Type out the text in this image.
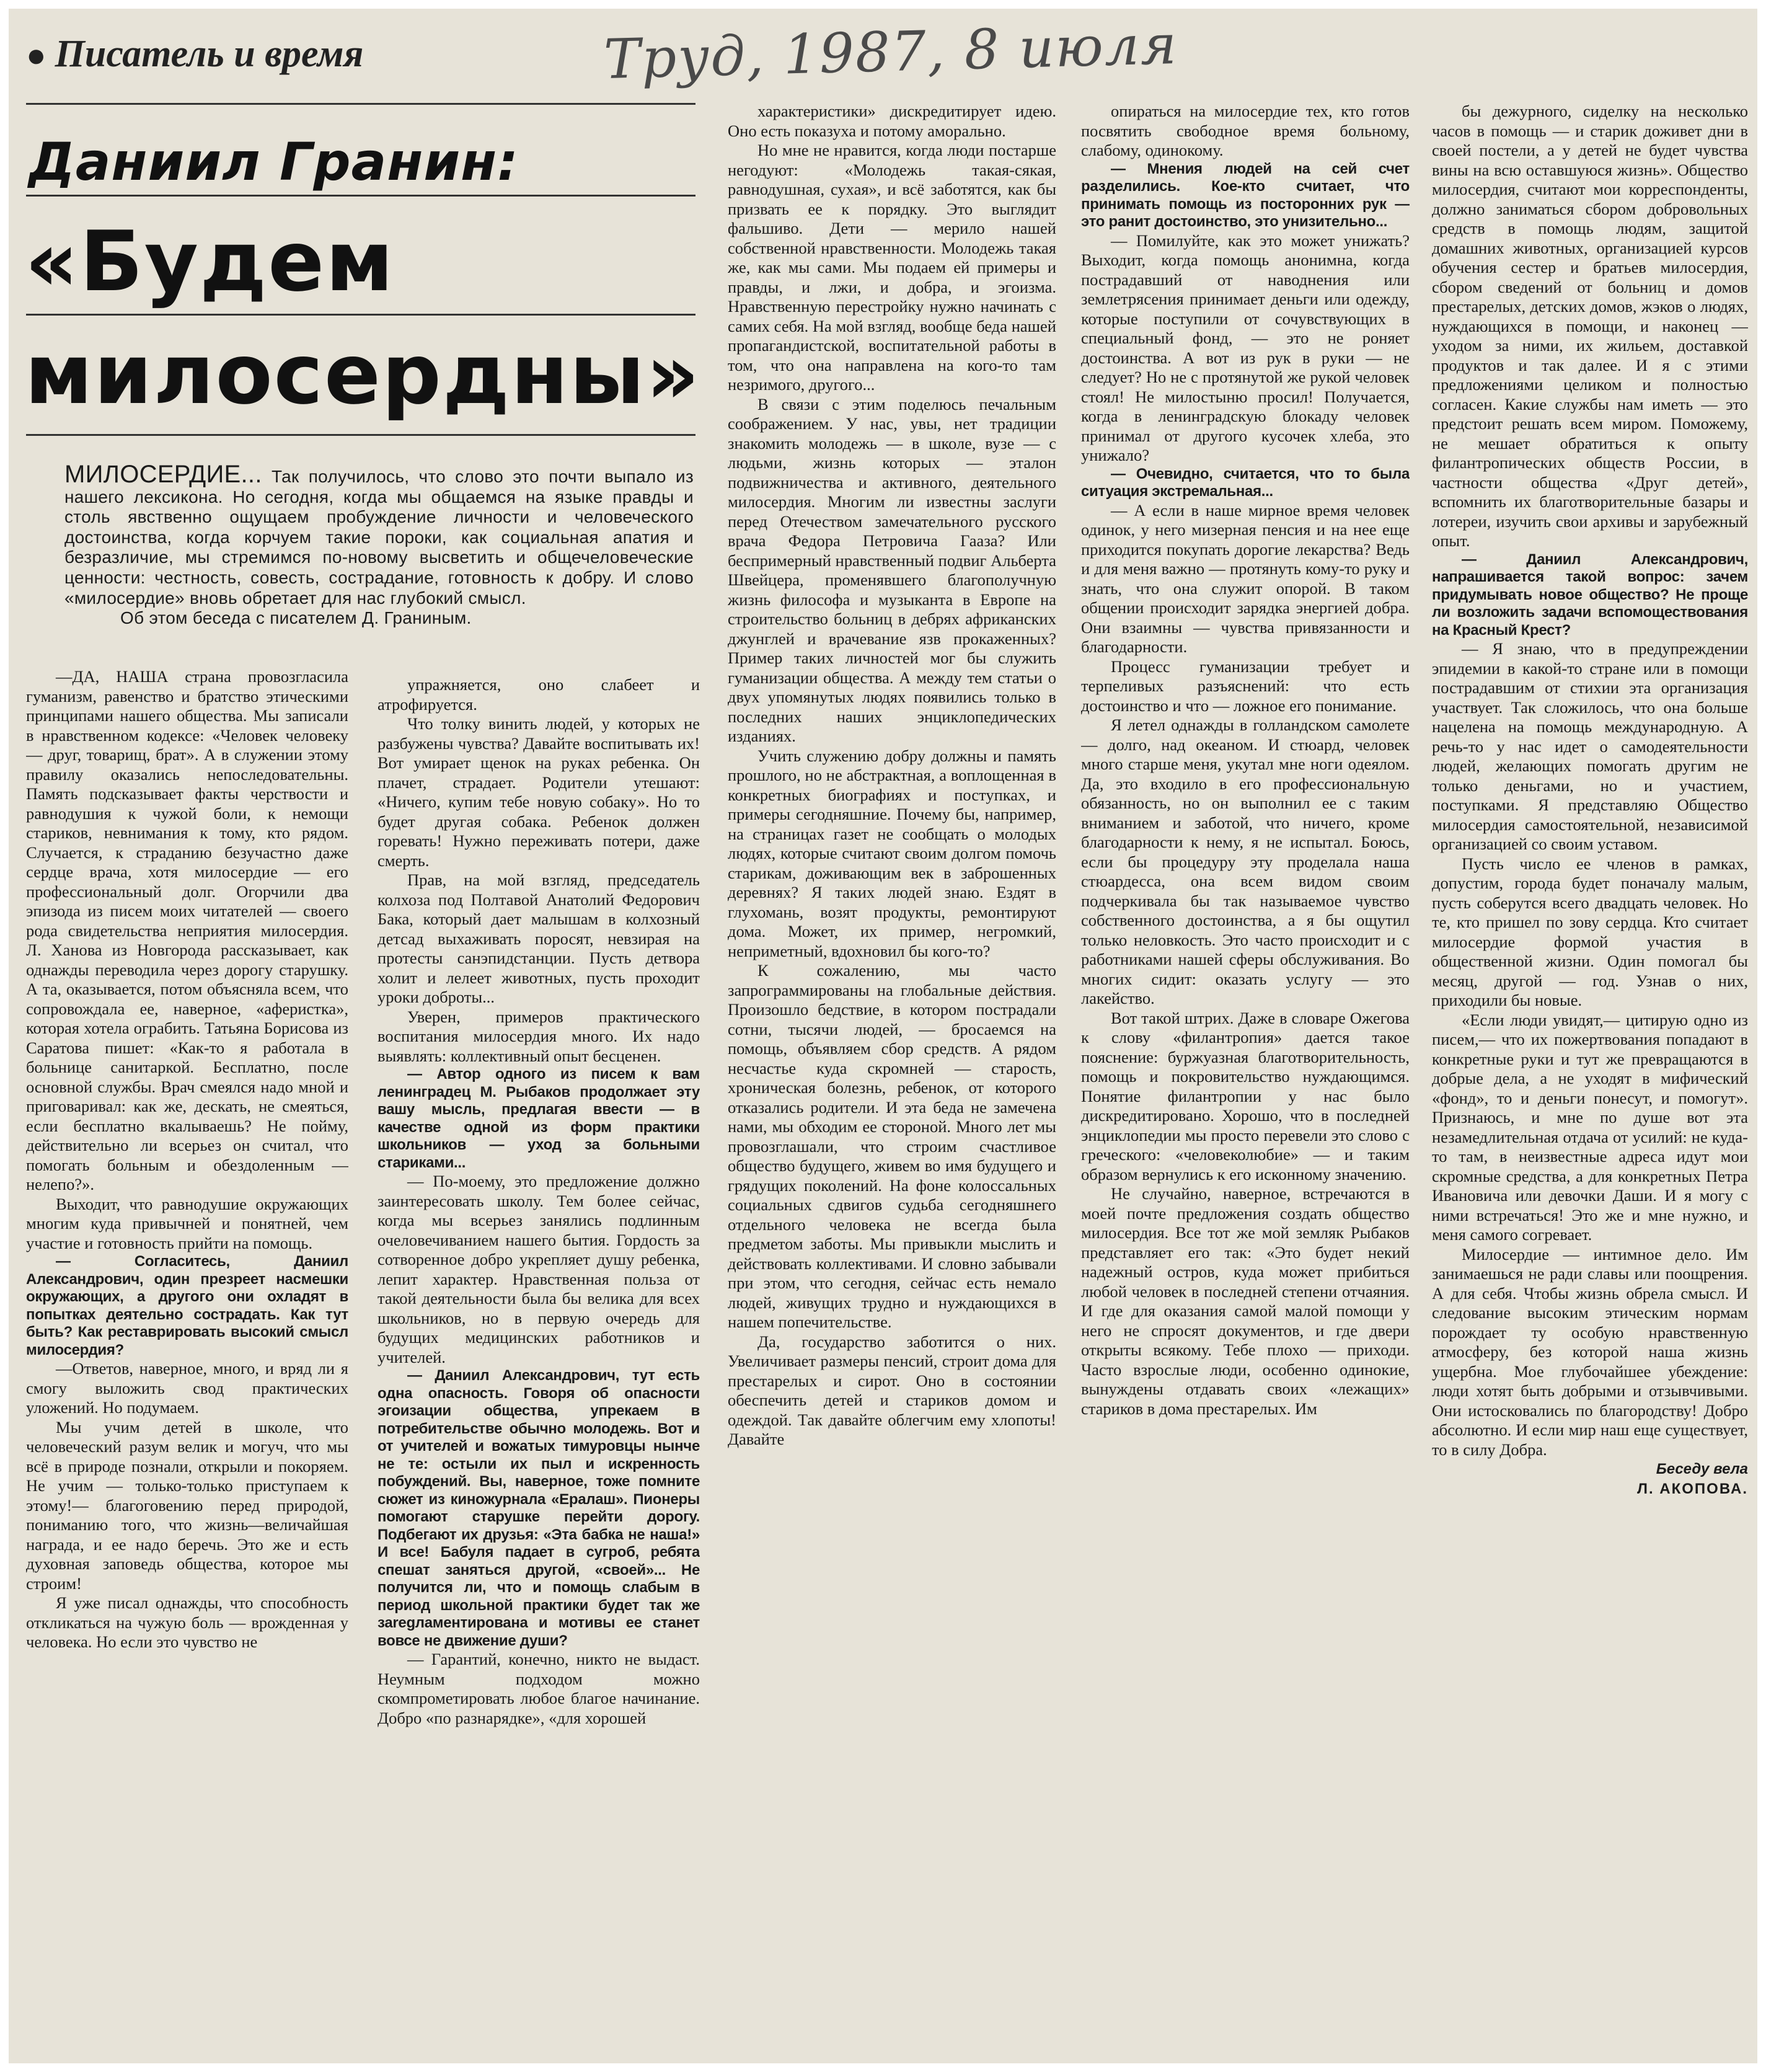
● Писатель и время	Труд, 1987, 8 июля
Даниил Гранин:
«Будем
милосердны»

МИЛОСЕРДИЕ... Так получилось, что слово это почти выпало из нашего лексикона. Но сегодня, когда мы общаемся на языке правды и столь явственно ощущаем пробуждение личности и человеческого достоинства, когда корчуем такие пороки, как социальная апатия и безразличие, мы стремимся по-новому высветить и общечеловеческие ценности: честность, совесть, сострадание, готовность к добру. И слово «милосердие» вновь обретает для нас глубокий смысл.

Об этом беседа с писателем Д. Граниным.

—ДА, НАША страна провозгласила гуманизм, равенство и братство этическими принципами нашего общества. Мы записали в нравственном кодексе: «Человек человеку — друг, товарищ, брат». А в служении этому правилу оказались непоследовательны. Память подсказывает факты черствости и равнодушия к чужой боли, к немощи стариков, невнимания к тому, кто рядом. Случается, к страданию безучастно даже сердце врача, хотя милосердие — его профессиональный долг. Огорчили два эпизода из писем моих читателей — своего рода свидетельства неприятия милосердия. Л. Ханова из Новгорода рассказывает, как однажды переводила через дорогу старушку. А та, оказывается, потом объясняла всем, что сопровождала ее, наверное, «аферистка», которая хотела ограбить. Татьяна Борисова из Саратова пишет: «Как-то я работала в больнице санитаркой. Бесплатно, после основной службы. Врач смеялся надо мной и приговаривал: как же, дескать, не смеяться, если бесплатно вкалываешь? Не пойму, действительно ли всерьез он считал, что помогать больным и обездоленным — нелепо?».

Выходит, что равнодушие окружающих многим куда привычней и понятней, чем участие и готовность прийти на помощь.

— Согласитесь, Даниил Александрович, один презреет насмешки окружающих, а другого они охладят в попытках деятельно сострадать. Как тут быть? Как реставрировать высокий смысл милосердия?

—Ответов, наверное, много, и вряд ли я смогу выложить свод практических уложений. Но подумаем.

Мы учим детей в школе, что человеческий разум велик и могуч, что мы всё в природе познали, открыли и покоряем. Не учим — только-только приступаем к этому!— благоговению перед природой, пониманию того, что жизнь—величайшая награда, и ее надо беречь. Это же и есть духовная заповедь общества, которое мы строим!

Я уже писал однажды, что способность откликаться на чужую боль — врожденная у человека. Но если это чувство не

упражняется, оно слабеет и атрофируется.

Что толку винить людей, у которых не разбужены чувства? Давайте воспитывать их! Вот умирает щенок на руках ребенка. Он плачет, страдает. Родители утешают: «Ничего, купим тебе новую собаку». Но то будет другая собака. Ребенок должен горевать! Нужно переживать потери, даже смерть.

Прав, на мой взгляд, председатель колхоза под Полтавой Анатолий Федорович Бака, который дает малышам в колхозный детсад выхаживать поросят, невзирая на протесты санэпидстанции. Пусть детвора холит и лелеет животных, пусть проходит уроки доброты...

Уверен, примеров практического воспитания милосердия много. Их надо выявлять: коллективный опыт бесценен.

— Автор одного из писем к вам ленинградец М. Рыбаков продолжает эту вашу мысль, предлагая ввести — в качестве одной из форм практики школьников — уход за больными стариками...

— По-моему, это предложение должно заинтересовать школу. Тем более сейчас, когда мы всерьез занялись подлинным очеловечиванием нашего бытия. Гордость за сотворенное добро укрепляет душу ребенка, лепит характер. Нравственная польза от такой деятельности была бы велика для всех школьников, но в первую очередь для будущих медицинских работников и учителей.

— Даниил Александрович, тут есть одна опасность. Говоря об опасности эгоизации общества, упрекаем в потребительстве обычно молодежь. Вот и от учителей и вожатых тимуровцы нынче не те: остыли их пыл и искренность побуждений. Вы, наверное, тоже помните сюжет из киножурнала «Ералаш». Пионеры помогают старушке перейти дорогу. Подбегают их друзья: «Эта бабка не наша!» И все! Бабуля падает в сугроб, ребята спешат заняться другой, «своей»... Не получится ли, что и помощь слабым в период школьной практики будет так же заregламентирована и мотивы ее станет вовсе не движение души?

— Гарантий, конечно, никто не выдаст. Неумным подходом можно скомпрометировать любое благое начинание. Добро «по разнарядке», «для хорошей

характеристики» дискредитирует идею. Оно есть показуха и потому аморально.

Но мне не нравится, когда люди постарше негодуют: «Молодежь такая-сякая, равнодушная, сухая», и всё заботятся, как бы призвать ее к порядку. Это выглядит фальшиво. Дети — мерило нашей собственной нравственности. Молодежь такая же, как мы сами. Мы подаем ей примеры и правды, и лжи, и добра, и эгоизма. Нравственную перестройку нужно начинать с самих себя. На мой взгляд, вообще беда нашей пропагандистской, воспитательной работы в том, что она направлена на кого-то там незримого, другого...

В связи с этим поделюсь печальным соображением. У нас, увы, нет традиции знакомить молодежь — в школе, вузе — с людьми, жизнь которых — эталон подвижничества и активного, деятельного милосердия. Многим ли известны заслуги перед Отечеством замечательного русского врача Федора Петровича Гааза? Или беспримерный нравственный подвиг Альберта Швейцера, променявшего благополучную жизнь философа и музыканта в Европе на строительство больниц в дебрях африканских джунглей и врачевание язв прокаженных? Пример таких личностей мог бы служить гуманизации общества. А между тем статьи о двух упомянутых людях появились только в последних наших энциклопедических изданиях.

Учить служению добру должны и память прошлого, но не абстрактная, а воплощенная в конкретных биографиях и поступках, и примеры сегодняшние. Почему бы, например, на страницах газет не сообщать о молодых людях, которые считают своим долгом помочь старикам, доживающим век в заброшенных деревнях? Я таких людей знаю. Ездят в глухомань, возят продукты, ремонтируют дома. Может, их пример, негромкий, неприметный, вдохновил бы кого-то?

К сожалению, мы часто запрограммированы на глобальные действия. Произошло бедствие, в котором пострадали сотни, тысячи людей, — бросаемся на помощь, объявляем сбор средств. А рядом несчастье куда скромней — старость, хроническая болезнь, ребенок, от которого отказались родители. И эта беда не замечена нами, мы обходим ее стороной. Много лет мы провозглашали, что строим счастливое общество будущего, живем во имя будущего и грядущих поколений. На фоне колоссальных социальных сдвигов судьба сегодняшнего отдельного человека не всегда была предметом заботы. Мы привыкли мыслить и действовать коллективами. И словно забывали при этом, что сегодня, сейчас есть немало людей, живущих трудно и нуждающихся в нашем попечительстве.

Да, государство заботится о них. Увеличивает размеры пенсий, строит дома для престарелых и сирот. Оно в состоянии обеспечить детей и стариков домом и одеждой. Так давайте облегчим ему хлопоты! Давайте

опираться на милосердие тех, кто готов посвятить свободное время больному, слабому, одинокому.

— Мнения людей на сей счет разделились. Кое-кто считает, что принимать помощь из посторонних рук — это ранит достоинство, это унизительно...

— Помилуйте, как это может унижать? Выходит, когда помощь анонимна, когда пострадавший от наводнения или землетрясения принимает деньги или одежду, которые поступили от сочувствующих в специальный фонд, — это не роняет достоинства. А вот из рук в руки — не следует? Но не с протянутой же рукой человек стоял! Не милостыню просил! Получается, когда в ленинградскую блокаду человек принимал от другого кусочек хлеба, это унижало?

— Очевидно, считается, что то была ситуация экстремальная...

— А если в наше мирное время человек одинок, у него мизерная пенсия и на нее еще приходится покупать дорогие лекарства? Ведь и для меня важно — протянуть кому-то руку и знать, что она служит опорой. В таком общении происходит зарядка энергией добра. Они взаимны — чувства привязанности и благодарности.

Процесс гуманизации требует и терпеливых разъяснений: что есть достоинство и что — ложное его понимание.

Я летел однажды в голландском самолете — долго, над океаном. И стюард, человек много старше меня, укутал мне ноги одеялом. Да, это входило в его профессиональную обязанность, но он выполнил ее с таким вниманием и заботой, что ничего, кроме благодарности к нему, я не испытал. Боюсь, если бы процедуру эту проделала наша стюардесса, она всем видом своим подчеркивала бы так называемое чувство собственного достоинства, а я бы ощутил только неловкость. Это часто происходит и с работниками нашей сферы обслуживания. Во многих сидит: оказать услугу — это лакейство.

Вот такой штрих. Даже в словаре Ожегова к слову «филантропия» дается такое пояснение: буржуазная благотворительность, помощь и покровительство нуждающимся. Понятие филантропии у нас было дискредитировано. Хорошо, что в последней энциклопедии мы просто перевели это слово с греческого: «человеколюбие» — и таким образом вернулись к его исконному значению.

Не случайно, наверное, встречаются в моей почте предложения создать общество милосердия. Все тот же мой земляк Рыбаков представляет его так: «Это будет некий надежный остров, куда может прибиться любой человек в последней степени отчаяния. И где для оказания самой малой помощи у него не спросят документов, и где двери открыты всякому. Тебе плохо — приходи. Часто взрослые люди, особенно одинокие, вынуждены отдавать своих «лежащих» стариков в дома престарелых. Им

бы дежурного, сиделку на несколько часов в помощь — и старик доживет дни в своей постели, а у детей не будет чувства вины на всю оставшуюся жизнь». Общество милосердия, считают мои корреспонденты, должно заниматься сбором добровольных средств в помощь людям, защитой домашних животных, организацией курсов обучения сестер и братьев милосердия, сбором сведений от больниц и домов престарелых, детских домов, жэков о людях, нуждающихся в помощи, и наконец — уходом за ними, их жильем, доставкой продуктов и так далее. И я с этими предложениями целиком и полностью согласен. Какие службы нам иметь — это предстоит решать всем миром. Поможему, не мешает обратиться к опыту филантропических обществ России, в частности общества «Друг детей», вспомнить их благотворительные базары и лотереи, изучить свои архивы и зарубежный опыт.

— Даниил Александрович, напрашивается такой вопрос: зачем придумывать новое общество? Не проще ли возложить задачи вспомоществования на Красный Крест?

— Я знаю, что в предупреждении эпидемии в какой-то стране или в помощи пострадавшим от стихии эта организация участвует. Так сложилось, что она больше нацелена на помощь международную. А речь-то у нас идет о самодеятельности людей, желающих помогать другим не только деньгами, но и участием, поступками. Я представляю Общество милосердия самостоятельной, независимой организацией со своим уставом.

Пусть число ее членов в рамках, допустим, города будет поначалу малым, пусть соберутся всего двадцать человек. Но те, кто пришел по зову сердца. Кто считает милосердие формой участия в общественной жизни. Один помогал бы месяц, другой — год. Узнав о них, приходили бы новые.

«Если люди увидят,— цитирую одно из писем,— что их пожертвования попадают в конкретные руки и тут же превращаются в добрые дела, а не уходят в мифический «фонд», то и деньги понесут, и помогут». Признаюсь, и мне по душе вот эта незамедлительная отдача от усилий: не куда-то там, в неизвестные адреса идут мои скромные средства, а для конкретных Петра Ивановича или девочки Даши. И я могу с ними встречаться! Это же и мне нужно, и меня самого согревает.

Милосердие — интимное дело. Им занимаешься не ради славы или поощрения. А для себя. Чтобы жизнь обрела смысл. И следование высоким этическим нормам порождает ту особую нравственную атмосферу, без которой наша жизнь ущербна. Мое глубочайшее убеждение: люди хотят быть добрыми и отзывчивыми. Они истосковались по благородству! Добро абсолютно. И если мир наш еще существует, то в силу Добра.

Беседу вела

Л. АКОПОВА.
